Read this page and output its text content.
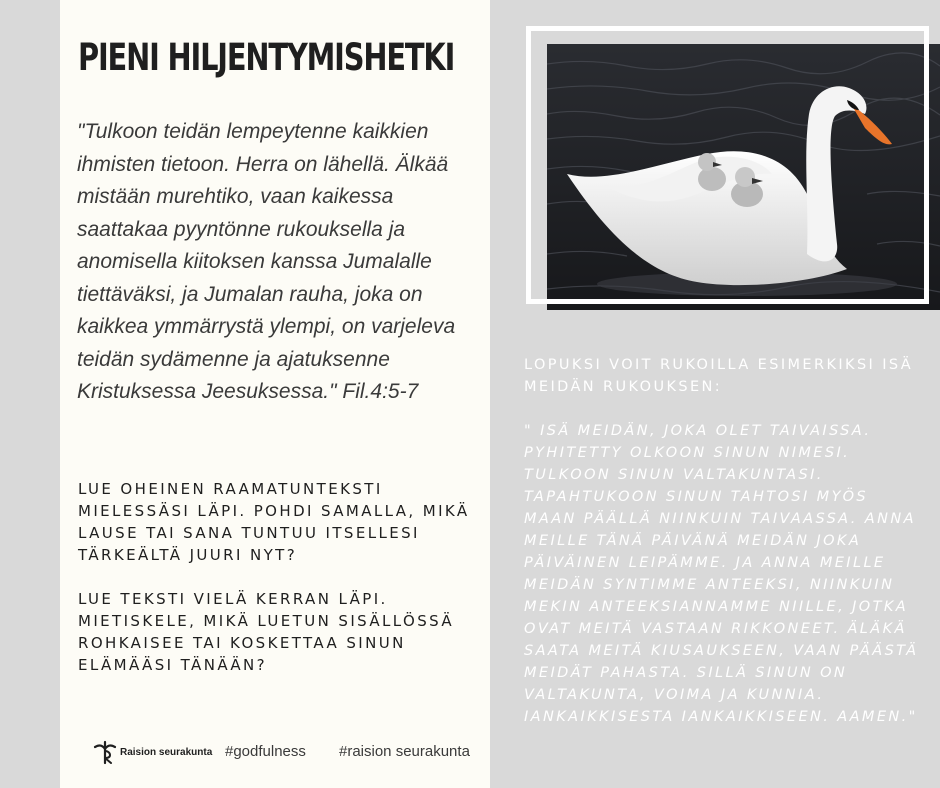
PIENI HILJENTYMISHETKI

"Tulkoon teidän lempeytenne kaikkien ihmisten tietoon. Herra on lähellä. Älkää mistään murehtiko, vaan kaikessa saattakaa pyyntönne rukouksella ja anomisella kiitoksen kanssa Jumalalle tiettäväksi, ja Jumalan rauha, joka on kaikkea ymmärrystä ylempi, on varjeleva teidän sydämenne ja ajatuksenne Kristuksessa Jeesuksessa." Fil.4:5-7

LUE OHEINEN RAAMATUNTEKSTI MIELESSÄSI LÄPI. POHDI SAMALLA, MIKÄ LAUSE TAI SANA TUNTUU ITSELLESI TÄRKEÄLTÄ JUURI NYT?

LUE TEKSTI VIELÄ KERRAN LÄPI. MIETISKELE, MIKÄ LUETUN SISÄLLÖSSÄ ROHKAISEE TAI KOSKETTAA SINUN ELÄMÄÄSI TÄNÄÄN?

Raision seurakunta #godfulness #raision seurakunta

LOPUKSI VOIT RUKOILLA ESIMERKIKSI ISÄ MEIDÄN RUKOUKSEN:

" ISÄ MEIDÄN, JOKA OLET TAIVAISSA. PYHITETTY OLKOON SINUN NIMESI. TULKOON SINUN VALTAKUNTASI. TAPAHTUKOON SINUN TAHTOSI MYÖS MAAN PÄÄLLÄ NIINKUIN TAIVAASSA. ANNA MEILLE TÄNÄ PÄIVÄNÄ MEIDÄN JOKA PÄIVÄINEN LEIPÄMME. JA ANNA MEILLE MEIDÄN SYNTIMME ANTEEKSI, NIINKUIN MEKIN ANTEEKSIANNAMME NIILLE, JOTKA OVAT MEITÄ VASTAAN RIKKONEET. ÄLÄKÄ SAATA MEITÄ KIUSAUKSEEN, VAAN PÄÄSTÄ MEIDÄT PAHASTA. SILLÄ SINUN ON VALTAKUNTA, VOIMA JA KUNNIA. IANKAIKKISESTA IANKAIKKISEEN. AAMEN."
